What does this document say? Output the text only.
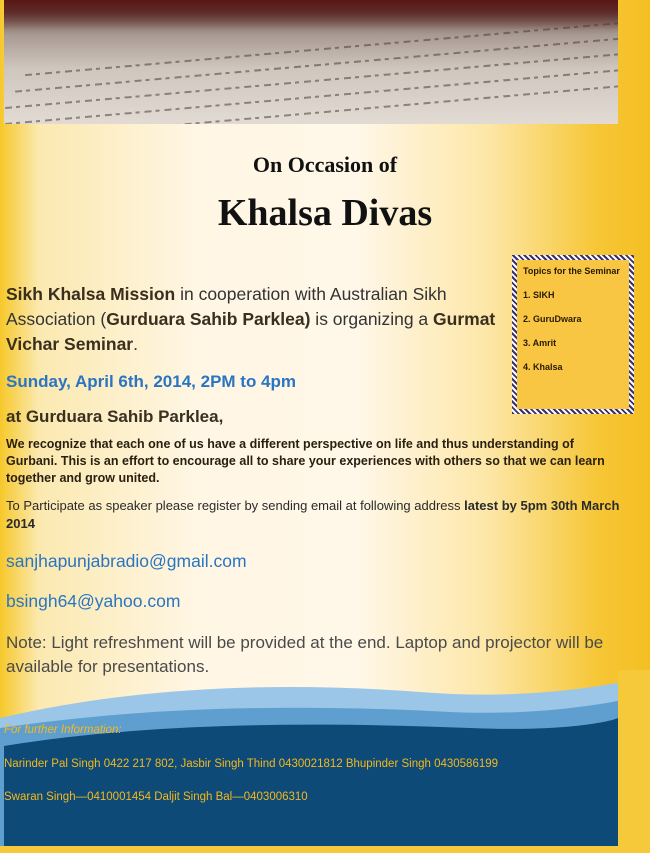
On Occasion of
Khalsa Divas
Topics for the Seminar
1. SIKH
2. GuruDwara
3. Amrit
4. Khalsa
Sikh Khalsa Mission in cooperation with Australian Sikh Association (Gurduara Sahib Parklea) is organizing a Gurmat Vichar Seminar.
Sunday, April 6th, 2014, 2PM to 4pm
at Gurduara Sahib Parklea,
We recognize that each one of us have a different perspective on life and thus understanding of Gurbani. This is an effort to encourage all to share your experiences with others so that we can learn together and grow united.
To Participate as speaker please register by sending email at following address latest by 5pm 30th March 2014
sanjhapunjabradio@gmail.com
bsingh64@yahoo.com
Note: Light refreshment will be provided at the end. Laptop and projector will be available for presentations.
For further Information:
Narinder Pal Singh 0422 217 802, Jasbir Singh Thind 0430021812 Bhupinder Singh 0430586199
Swaran Singh—0410001454 Daljit Singh Bal—0403006310
